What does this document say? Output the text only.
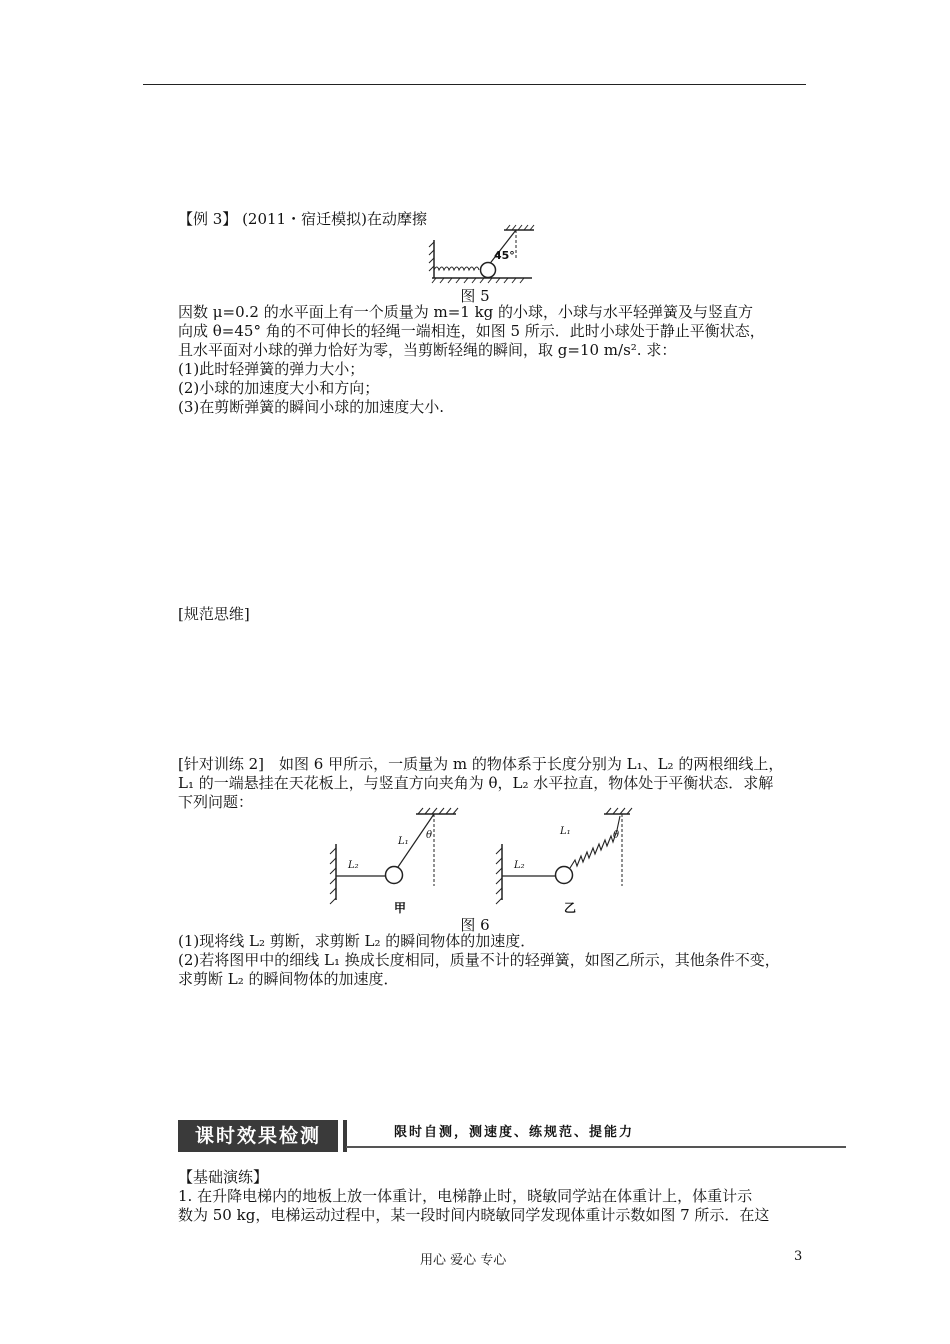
【例 3】 (2011・宿迁模拟)在动摩擦
45°
图 5
因数 μ=0.2 的水平面上有一个质量为 m=1 kg 的小球，小球与水平轻弹簧及与竖直方
向成 θ=45° 角的不可伸长的轻绳一端相连，如图 5 所示．此时小球处于静止平衡状态，
且水平面对小球的弹力恰好为零，当剪断轻绳的瞬间，取 g=10 m/s². 求：
(1)此时轻弹簧的弹力大小；
(2)小球的加速度大小和方向；
(3)在剪断弹簧的瞬间小球的加速度大小.
[规范思维]
[针对训练 2]　如图 6 甲所示，一质量为 m 的物体系于长度分别为 L₁、L₂ 的两根细线上，
L₁ 的一端悬挂在天花板上，与竖直方向夹角为 θ，L₂ 水平拉直，物体处于平衡状态．求解
下列问题：
L₂
L₁
θ
甲
L₂
L₁	θ
乙
图 6
(1)现将线 L₂ 剪断，求剪断 L₂ 的瞬间物体的加速度．
(2)若将图甲中的细线 L₁ 换成长度相同，质量不计的轻弹簧，如图乙所示，其他条件不变，
求剪断 L₂ 的瞬间物体的加速度．
课时效果检测	限时自测，测速度、练规范、提能力
【基础演练】
1. 在升降电梯内的地板上放一体重计，电梯静止时，晓敏同学站在体重计上，体重计示
数为 50 kg，电梯运动过程中，某一段时间内晓敏同学发现体重计示数如图 7 所示．在这
用心 爱心 专心	3
